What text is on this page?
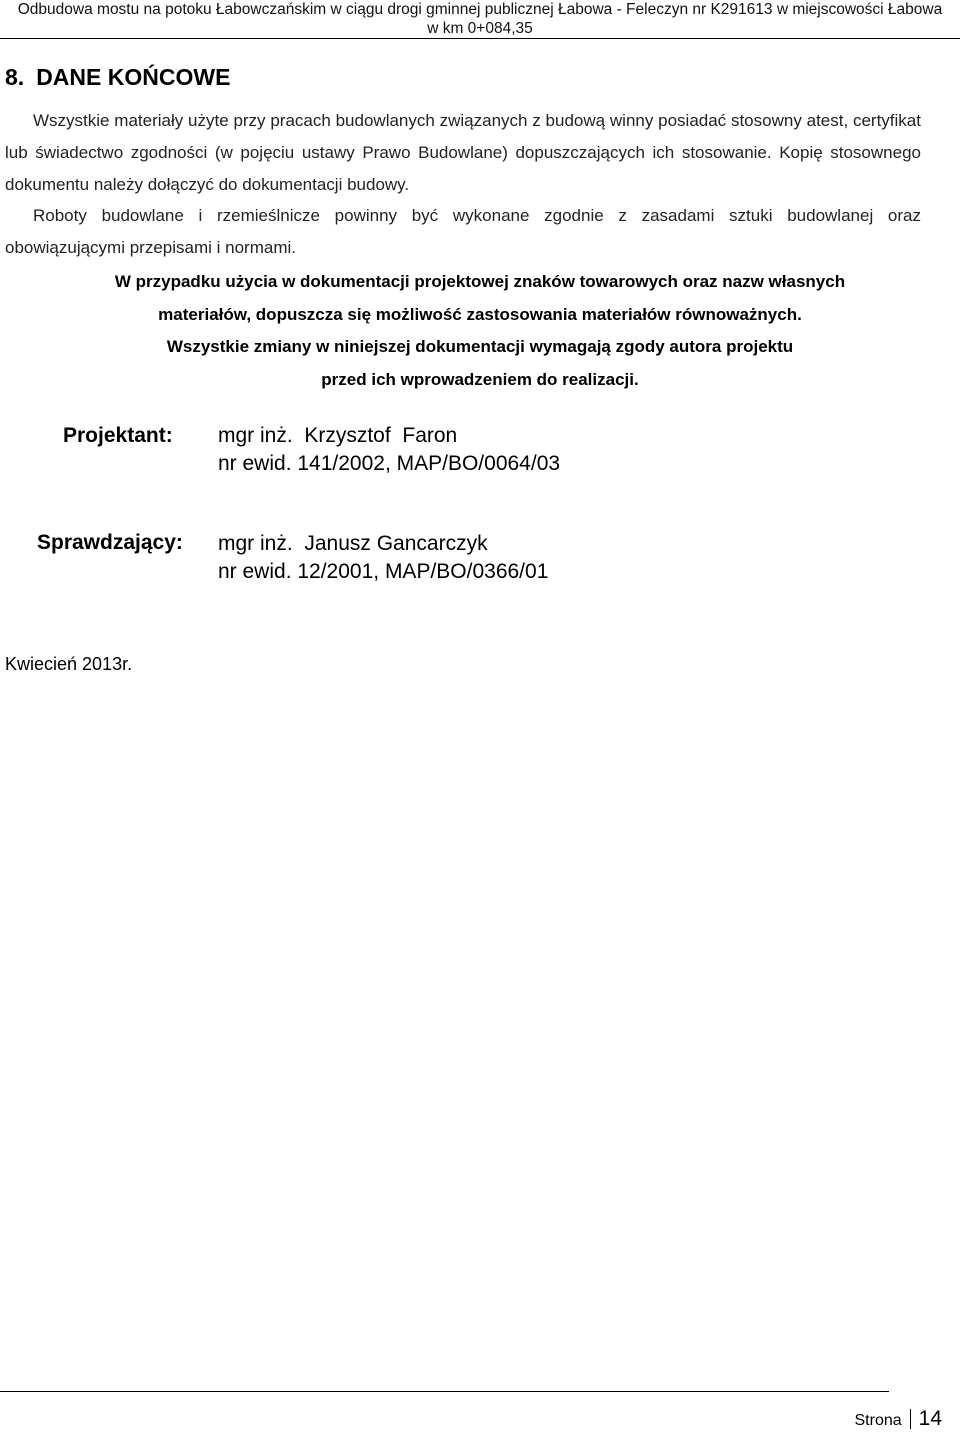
Odbudowa mostu na potoku Łabowczańskim w ciągu drogi gminnej publicznej Łabowa - Feleczyn nr K291613 w miejscowości Łabowa
w km 0+084,35
8. DANE KOŃCOWE

Wszystkie materiały użyte przy pracach budowlanych związanych z budową winny posiadać stosowny atest, certyfikat lub świadectwo zgodności (w pojęciu ustawy Prawo Budowlane) dopuszczających ich stosowanie. Kopię stosownego dokumentu należy dołączyć do dokumentacji budowy.

Roboty budowlane i rzemieślnicze powinny być wykonane zgodnie z zasadami sztuki budowlanej oraz obowiązującymi przepisami i normami.

W przypadku użycia w dokumentacji projektowej znaków towarowych oraz nazw własnych
materiałów, dopuszcza się możliwość zastosowania materiałów równoważnych.
Wszystkie zmiany w niniejszej dokumentacji wymagają zgody autora projektu
przed ich wprowadzeniem do realizacji.
Projektant: mgr inż.  Krzysztof  Faron
nr ewid. 141/2002, MAP/BO/0064/03
Sprawdzający: mgr inż.  Janusz Gancarczyk
nr ewid. 12/2001, MAP/BO/0366/01
Kwiecień 2013r.
Strona 14
